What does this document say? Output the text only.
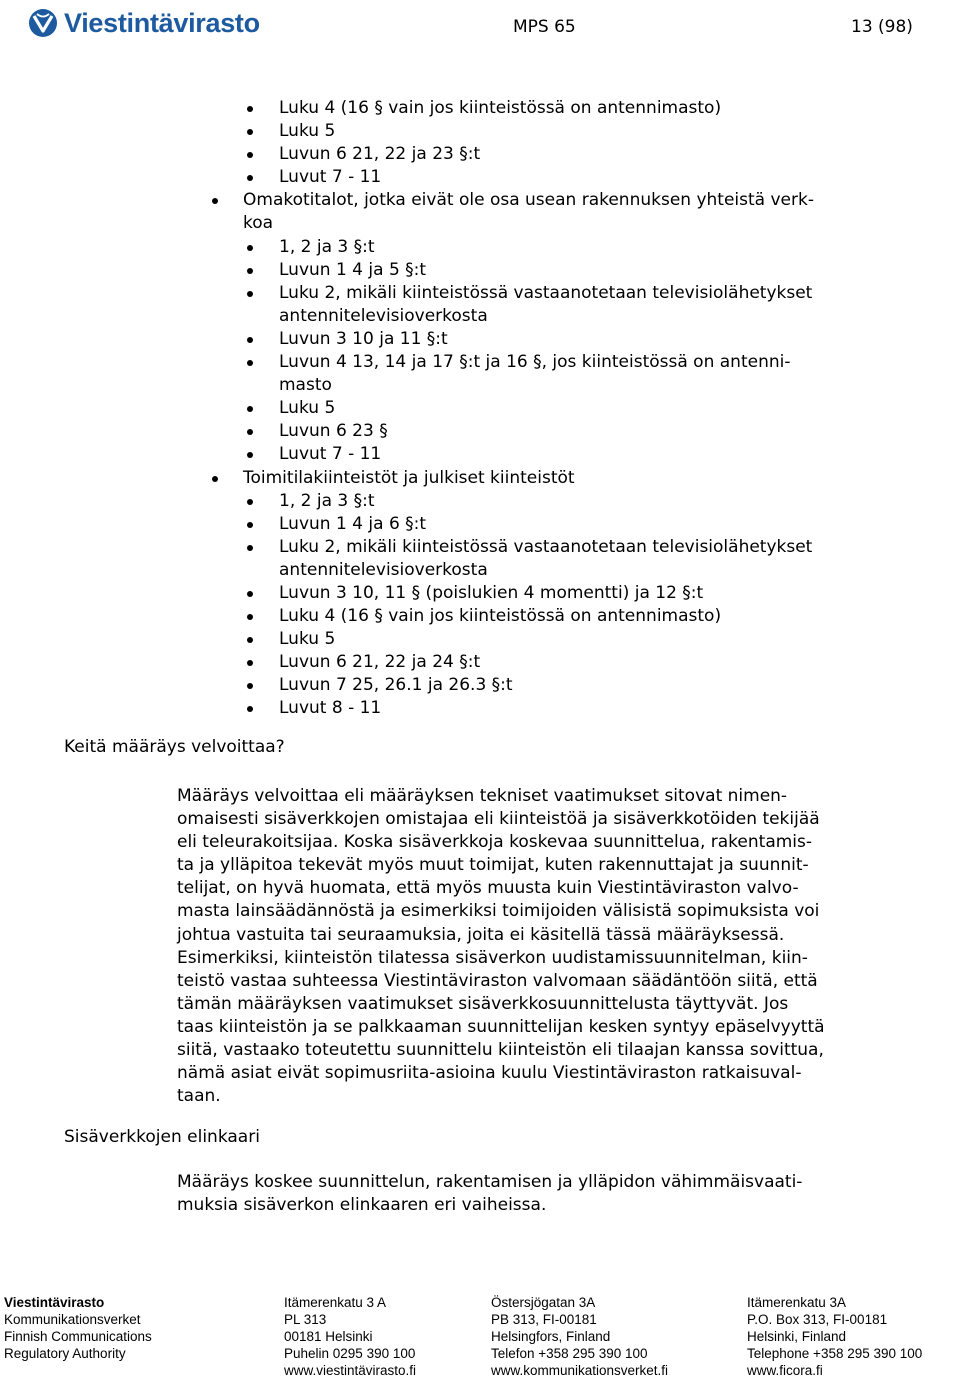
Viestintävirasto	MPS 65	13 (98)
Luku 4 (16 § vain jos kiinteistössä on antennimasto)
Luku 5
Luvun 6 21, 22 ja 23 §:t
Luvut 7 - 11
Omakotitalot, jotka eivät ole osa usean rakennuksen yhteistä verk-
koa
1, 2 ja 3 §:t
Luvun 1 4 ja 5 §:t
Luku 2, mikäli kiinteistössä vastaanotetaan televisiolähetykset
antennitelevisioverkosta
Luvun 3 10 ja 11 §:t
Luvun 4 13, 14 ja 17 §:t ja 16 §, jos kiinteistössä on antenni-
masto
Luku 5
Luvun 6 23 §
Luvut 7 - 11
Toimitilakiinteistöt ja julkiset kiinteistöt
1, 2 ja 3 §:t
Luvun 1 4 ja 6 §:t
Luku 2, mikäli kiinteistössä vastaanotetaan televisiolähetykset
antennitelevisioverkosta
Luvun 3 10, 11 § (poislukien 4 momentti) ja 12 §:t
Luku 4 (16 § vain jos kiinteistössä on antennimasto)
Luku 5
Luvun 6 21, 22 ja 24 §:t
Luvun 7 25, 26.1 ja 26.3 §:t
Luvut 8 - 11
Keitä määräys velvoittaa?

Määräys velvoittaa eli määräyksen tekniset vaatimukset sitovat nimen-
omaisesti sisäverkkojen omistajaa eli kiinteistöä ja sisäverkkotöiden tekijää
eli teleurakoitsijaa. Koska sisäverkkoja koskevaa suunnittelua, rakentamis-
ta ja ylläpitoa tekevät myös muut toimijat, kuten rakennuttajat ja suunnit-
telijat, on hyvä huomata, että myös muusta kuin Viestintäviraston valvo-
masta lainsäädännöstä ja esimerkiksi toimijoiden välisistä sopimuksista voi
johtua vastuita tai seuraamuksia, joita ei käsitellä tässä määräyksessä.
Esimerkiksi, kiinteistön tilatessa sisäverkon uudistamissuunnitelman, kiin-
teistö vastaa suhteessa Viestintäviraston valvomaan säädäntöön siitä, että
tämän määräyksen vaatimukset sisäverkkosuunnittelusta täyttyvät. Jos
taas kiinteistön ja se palkkaaman suunnittelijan kesken syntyy epäselvyyttä
siitä, vastaako toteutettu suunnittelu kiinteistön eli tilaajan kanssa sovittua,
nämä asiat eivät sopimusriita-asioina kuulu Viestintäviraston ratkaisuval-
taan.

Sisäverkkojen elinkaari

Määräys koskee suunnittelun, rakentamisen ja ylläpidon vähimmäisvaati-
muksia sisäverkon elinkaaren eri vaiheissa.

Viestintävirasto
Kommunikationsverket
Finnish Communications
Regulatory Authority
Itämerenkatu 3 A
PL 313
00181 Helsinki
Puhelin 0295 390 100
www.viestintävirasto.fi
Östersjögatan 3A
PB 313, FI-00181
Helsingfors, Finland
Telefon +358 295 390 100
www.kommunikationsverket.fi
Itämerenkatu 3A
P.O. Box 313, FI-00181
Helsinki, Finland
Telephone +358 295 390 100
www.ficora.fi
